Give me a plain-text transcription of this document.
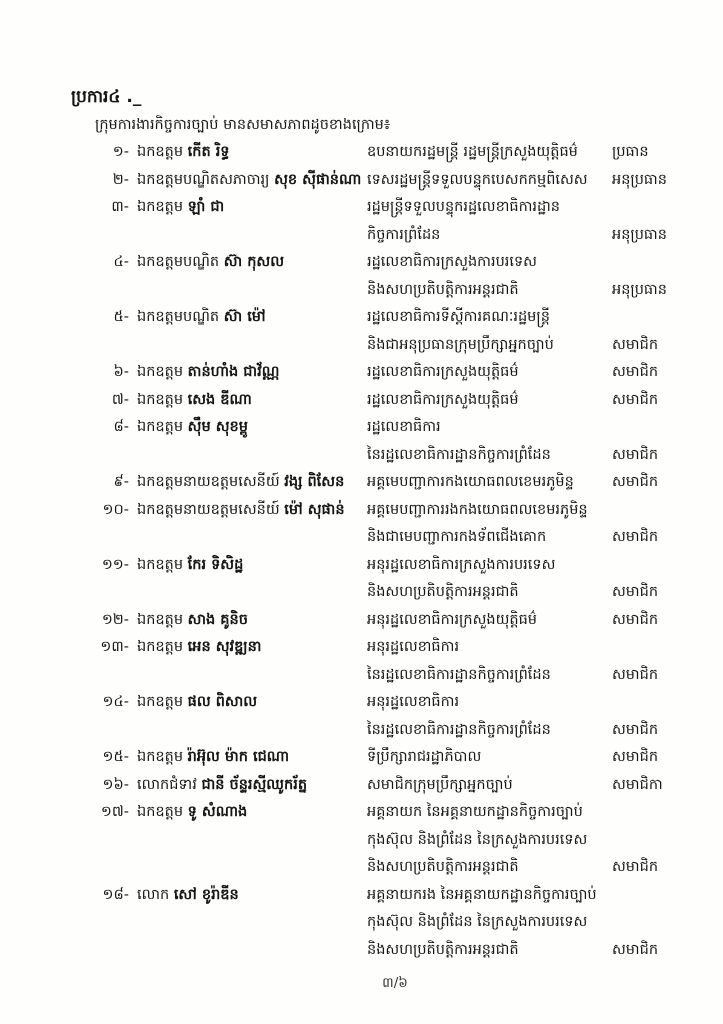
ប្រការ៤ ._
ក្រុមការងារកិច្ចការច្បាប់ មានសមាសភាពដូចខាងក្រោម៖
១- ឯកឧត្តម កើត រិទ្ធ	ឧបនាយករដ្ឋមន្ត្រី រដ្ឋមន្ត្រីក្រសួងយុត្តិធម៌	ប្រធាន
២- ឯកឧត្តមបណ្ឌិតសភាចារ្យ សុខ ស៊ីផាន់ណា ទេសរដ្ឋមន្ត្រីទទួលបន្ទុកបេសកកម្មពិសេស	អនុប្រធាន
៣- ឯកឧត្តម ឡាំ ជា	រដ្ឋមន្ត្រីទទួលបន្ទុករដ្ឋលេខាធិការដ្ឋាន
កិច្ចការព្រំដែន	អនុប្រធាន
៤- ឯកឧត្តមបណ្ឌិត ស៊ា កុសល	រដ្ឋលេខាធិការក្រសួងការបរទេស
និងសហប្រតិបត្តិការអន្តរជាតិ	អនុប្រធាន
៥- ឯកឧត្តមបណ្ឌិត ស៊ា ម៉ៅ	រដ្ឋលេខាធិការទីស្តីការគណៈរដ្ឋមន្ត្រី
និងជាអនុប្រធានក្រុមប្រឹក្សាអ្នកច្បាប់	សមាជិក
៦- ឯកឧត្តម តាន់ហាំង ជាវ័ណ្ណ	រដ្ឋលេខាធិការក្រសួងយុត្តិធម៌	សមាជិក
៧- ឯកឧត្តម សេង ឌីណា	រដ្ឋលេខាធិការក្រសួងយុត្តិធម៌	សមាជិក
៨- ឯកឧត្តម ស៊ឹម សុខម្ពូ	រដ្ឋលេខាធិការ
នៃរដ្ឋលេខាធិការដ្ឋានកិច្ចការព្រំដែន	សមាជិក
៩- ឯកឧត្តមនាយឧត្តមសេនីយ៍ វង្ស ពិសែន	អគ្គមេបញ្ជាការកងយោធពលខេមរភូមិន្ទ	សមាជិក
១០- ឯកឧត្តមនាយឧត្តមសេនីយ៍ ម៉ៅ សុផាន់	អគ្គមេបញ្ជាការរងកងយោធពលខេមរភូមិន្ទ
និងជាមេបញ្ជាការកងទ័ពជើងគោក	សមាជិក
១១- ឯកឧត្តម កែរ ទិសិដ្ឋ	អនុរដ្ឋលេខាធិការក្រសួងការបរទេស
និងសហប្រតិបត្តិការអន្តរជាតិ	សមាជិក
១២- ឯកឧត្តម សាង គូនិច	អនុរដ្ឋលេខាធិការក្រសួងយុត្តិធម៌	សមាជិក
១៣- ឯកឧត្តម អេន សុវឌ្ឍនា	អនុរដ្ឋលេខាធិការ
នៃរដ្ឋលេខាធិការដ្ឋានកិច្ចការព្រំដែន	សមាជិក
១៤- ឯកឧត្តម ផល ពិសាល	អនុរដ្ឋលេខាធិការ
នៃរដ្ឋលេខាធិការដ្ឋានកិច្ចការព្រំដែន	សមាជិក
១៥- ឯកឧត្តម រ៉ាអ៊ុល ម៉ាក ជេណា	ទីប្រឹក្សារាជរដ្ឋាភិបាល	សមាជិក
១៦- លោកជំទាវ ជានី ច័ន្ទរស្មីឈូករ័ត្ន	សមាជិកក្រុមប្រឹក្សាអ្នកច្បាប់	សមាជិកា
១៧- ឯកឧត្តម ទូ សំណាង	អគ្គនាយក នៃអគ្គនាយកដ្ឋានកិច្ចការច្បាប់
កុងស៊ុល និងព្រំដែន នៃក្រសួងការបរទេស
និងសហប្រតិបត្តិការអន្តរជាតិ	សមាជិក
១៨- លោក សៅ ខូរ៉ាឌីន	អគ្គនាយករង នៃអគ្គនាយកដ្ឋានកិច្ចការច្បាប់
កុងស៊ុល និងព្រំដែន នៃក្រសួងការបរទេស
និងសហប្រតិបត្តិការអន្តរជាតិ	សមាជិក
៣/៦
